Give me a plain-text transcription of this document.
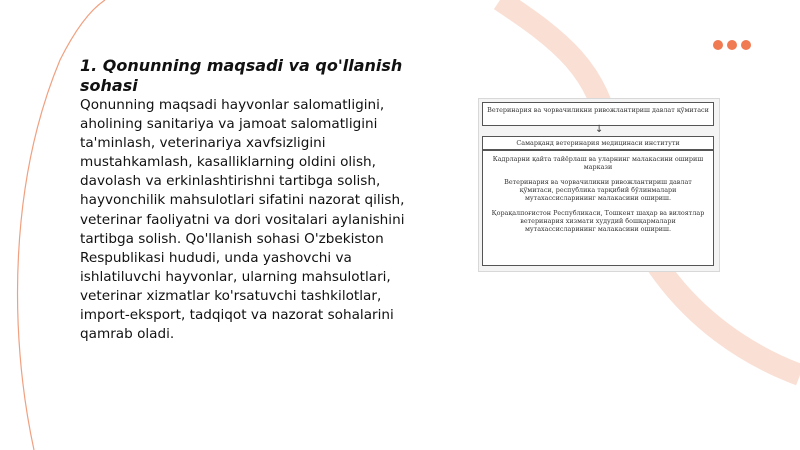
1. Qonunning maqsadi va qo'llanish sohasi

Qonunning maqsadi hayvonlar salomatligini, aholining sanitariya va jamoat salomatligini ta'minlash, veterinariya xavfsizligini mustahkamlash, kasalliklarning oldini olish, davolash va erkinlashtirishni tartibga solish, hayvonchilik mahsulotlari sifatini nazorat qilish, veterinar faoliyatni va dori vositalari aylanishini tartibga solish. Qo'llanish sohasi O'zbekiston Respublikasi hududi, unda yashovchi va ishlatiluvchi hayvonlar, ularning mahsulotlari, veterinar xizmatlar ko'rsatuvchi tashkilotlar, import-eksport, tadqiqot va nazorat sohalarini qamrab oladi.

Ветеринария ва чорвачиликни ривожлантириш давлат қўмитаси
↓
Самарқанд ветеринария медицинаси институти

Кадрларни қайта тайёрлаш ва уларнинг малакасини ошириш маркази

Ветеринария ва чорвачиликни ривожлантириш давлат қўмитаси, республика тарқибий бўлинмалари мутахассисларининг малакасини ошириш.

Қорақалпоғистон Республикаси, Тошкент шаҳар ва вилоятлар ветеринария хизмати худудий бошқармалари мутахассисларининг малакасини ошириш.
